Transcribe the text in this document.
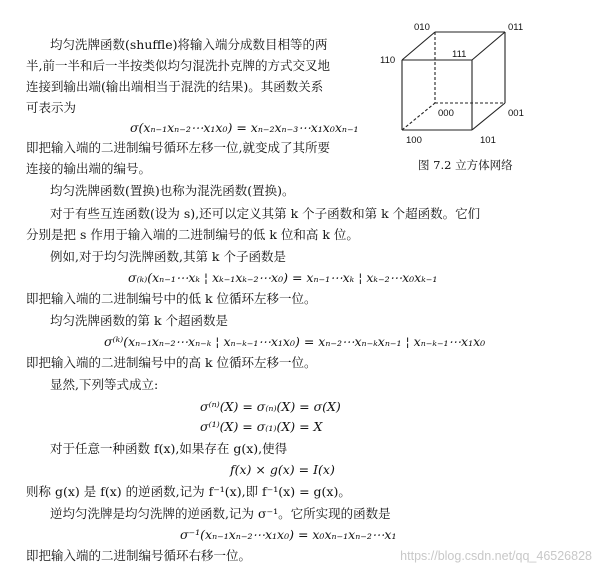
010	011
110
111
000	001
100	101
图 7.2 立方体网络
均匀洗牌函数(shuffle)将输入端分成数目相等的两
半,前一半和后一半按类似均匀混洗扑克牌的方式交叉地
连接到输出端(输出端相当于混洗的结果)。其函数关系
可表示为
σ(xₙ₋₁xₙ₋₂⋯x₁x₀) = xₙ₋₂xₙ₋₃⋯x₁x₀xₙ₋₁
即把输入端的二进制编号循环左移一位,就变成了其所要
连接的输出端的编号。
均匀洗牌函数(置换)也称为混洗函数(置换)。
对于有些互连函数(设为 s),还可以定义其第 k 个子函数和第 k 个超函数。它们
分别是把 s 作用于输入端的二进制编号的低 k 位和高 k 位。
例如,对于均匀洗牌函数,其第 k 个子函数是
σ₍ₖ₎(xₙ₋₁⋯xₖ ¦ xₖ₋₁xₖ₋₂⋯x₀) = xₙ₋₁⋯xₖ ¦ xₖ₋₂⋯x₀xₖ₋₁
即把输入端的二进制编号中的低 k 位循环左移一位。
均匀洗牌函数的第 k 个超函数是
σ⁽ᵏ⁾(xₙ₋₁xₙ₋₂⋯xₙ₋ₖ ¦ xₙ₋ₖ₋₁⋯x₁x₀) = xₙ₋₂⋯xₙ₋ₖxₙ₋₁ ¦ xₙ₋ₖ₋₁⋯x₁x₀
即把输入端的二进制编号中的高 k 位循环左移一位。
显然,下列等式成立:
σ⁽ⁿ⁾(X) = σ₍ₙ₎(X) = σ(X)
σ⁽¹⁾(X) = σ₍₁₎(X) = X
对于任意一种函数 f(x),如果存在 g(x),使得
f(x) × g(x) = I(x)
则称 g(x) 是 f(x) 的逆函数,记为 f⁻¹(x),即 f⁻¹(x) = g(x)。
逆均匀洗牌是均匀洗牌的逆函数,记为 σ⁻¹。它所实现的函数是
σ⁻¹(xₙ₋₁xₙ₋₂⋯x₁x₀) = x₀xₙ₋₁xₙ₋₂⋯x₁
即把输入端的二进制编号循环右移一位。	https://blog.csdn.net/qq_46526828
